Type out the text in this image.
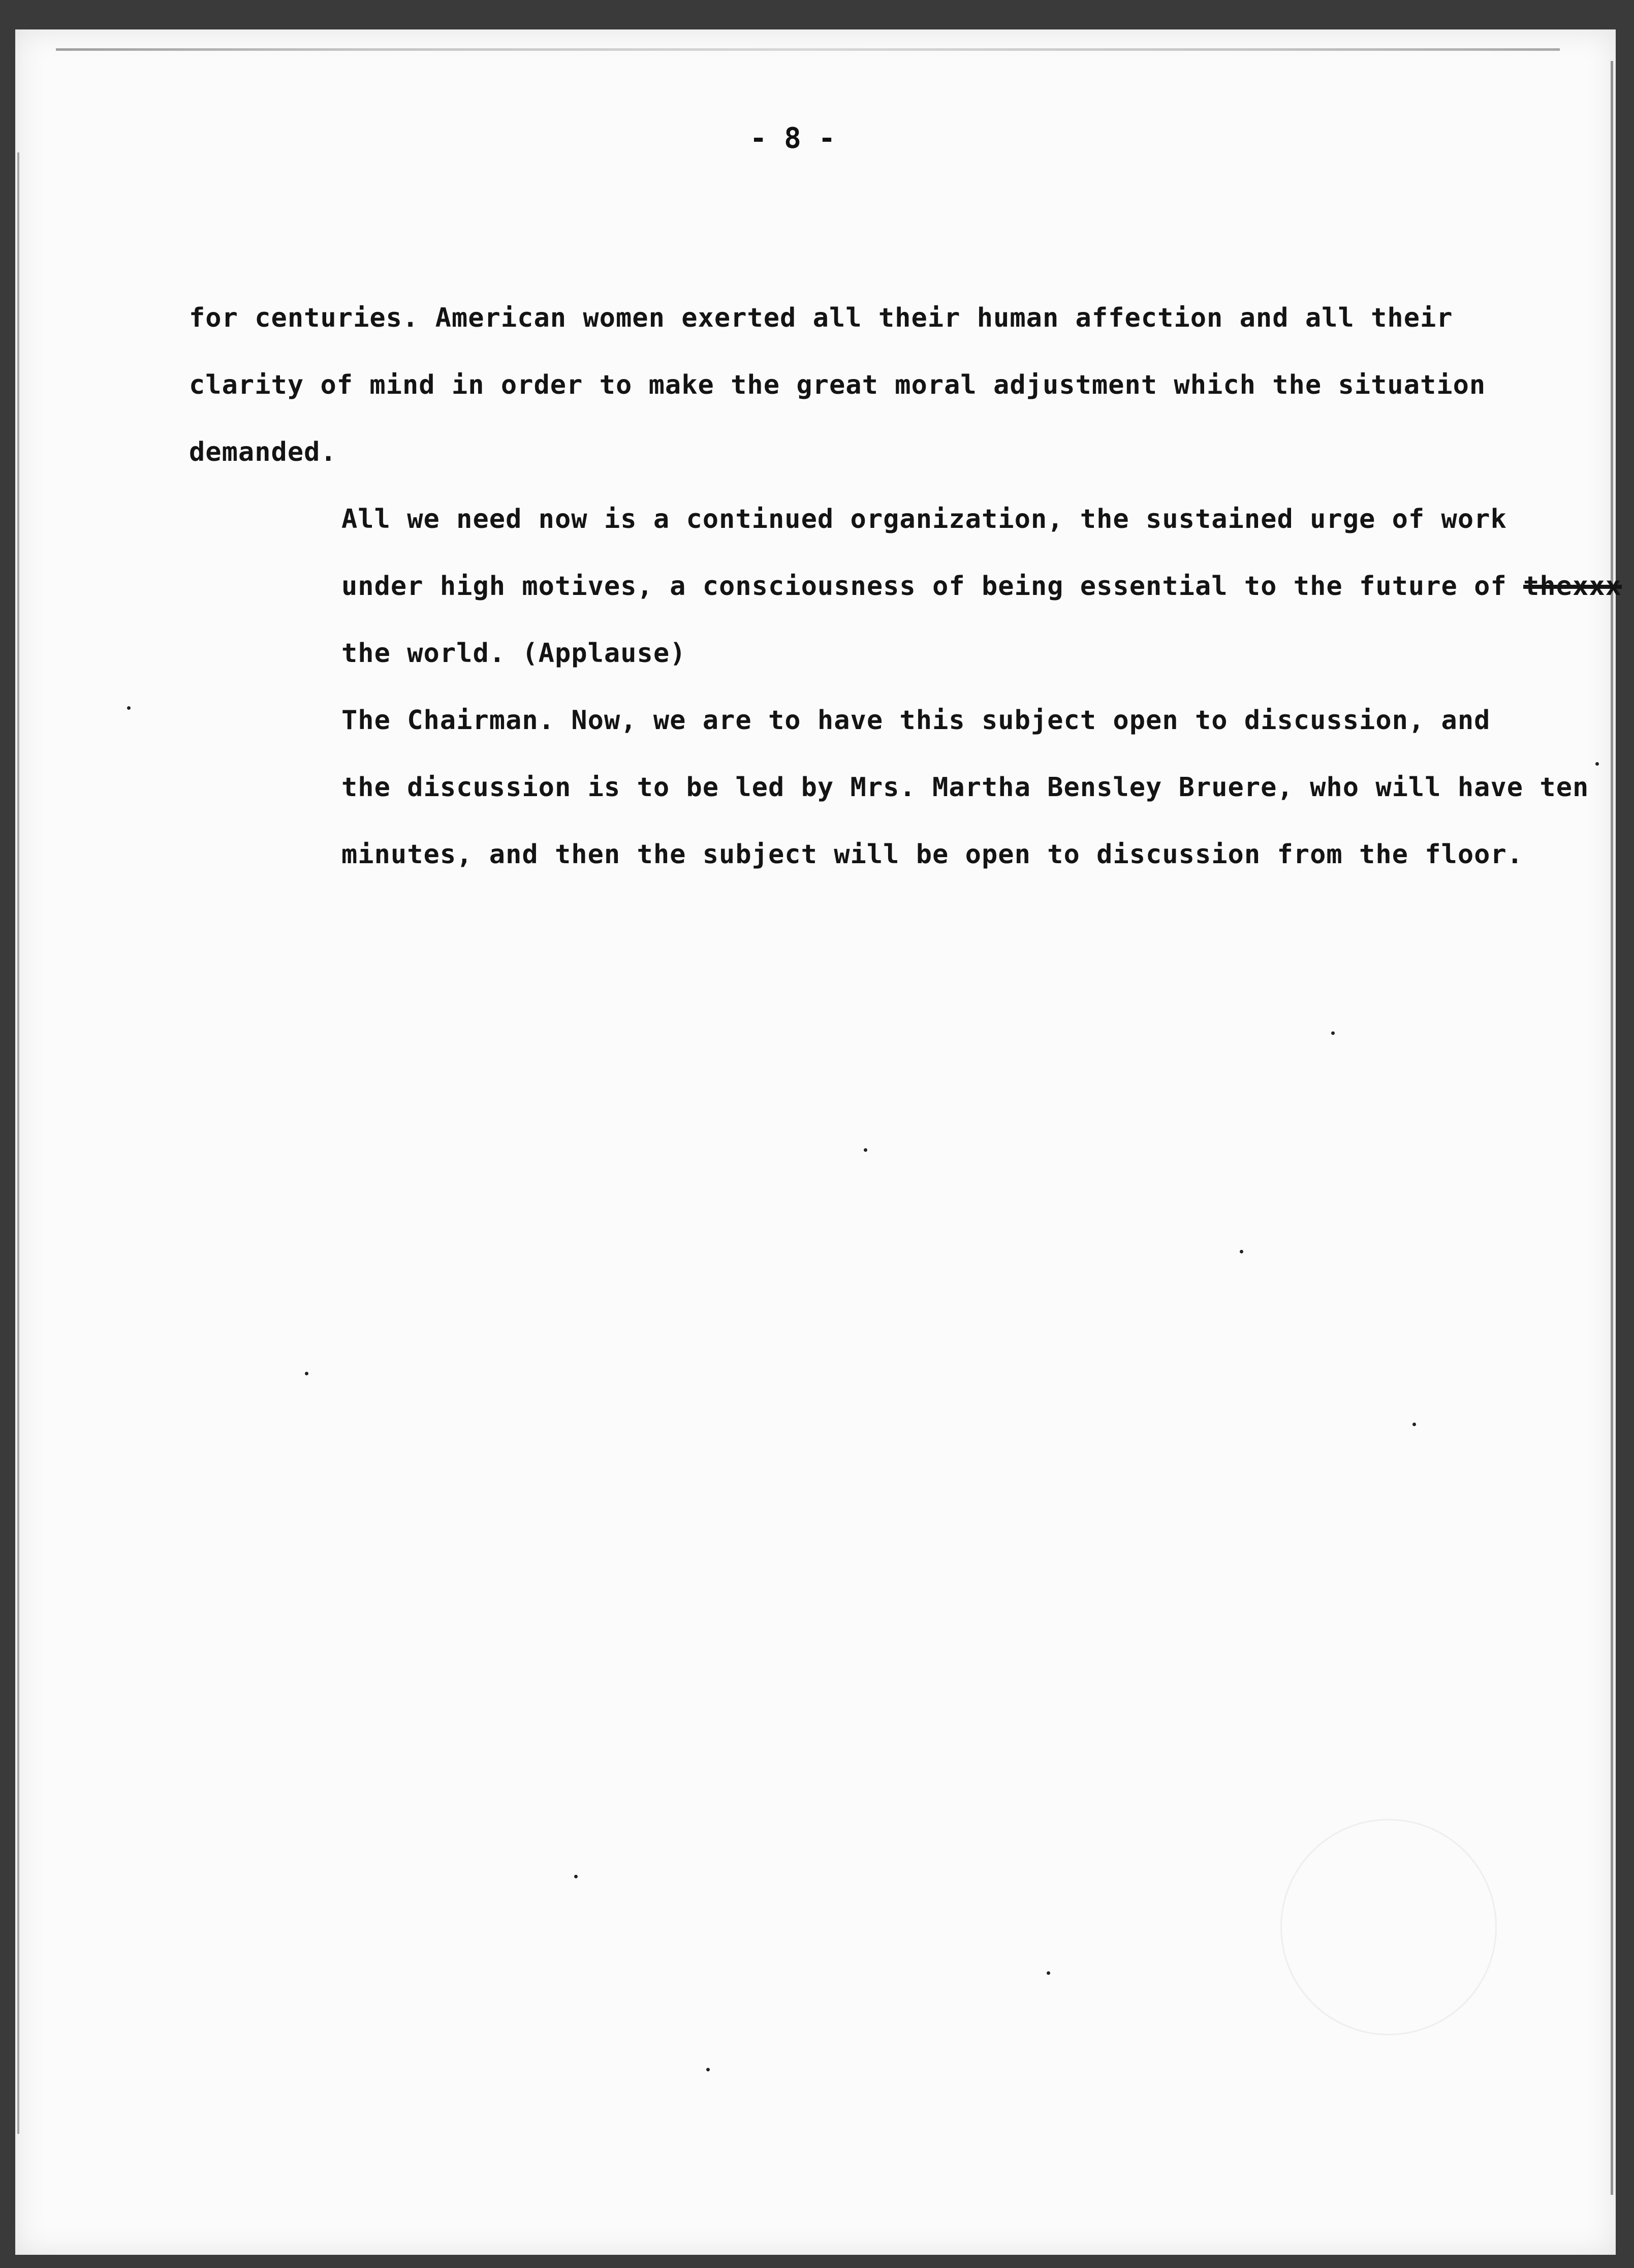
- 8 -

for centuries. American women exerted all their human affection and all their
clarity of mind in order to make the great moral adjustment which the situation
demanded.

All we need now is a continued organization, the sustained urge of work
under high motives, a consciousness of being essential to the future of thexxx
the world. (Applause)

The Chairman. Now, we are to have this subject open to discussion, and
the discussion is to be led by Mrs. Martha Bensley Bruere, who will have ten
minutes, and then the subject will be open to discussion from the floor.
